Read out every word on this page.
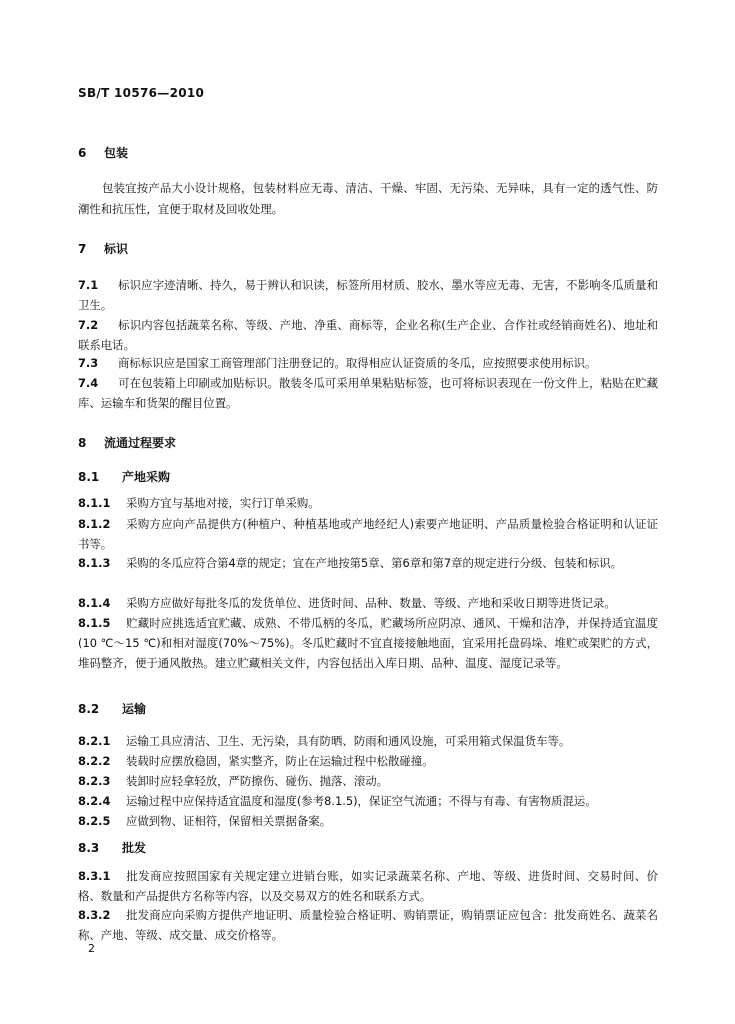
SB/T 10576—2010
6 包装
包装宜按产品大小设计规格，包装材料应无毒、清洁、干燥、牢固、无污染、无异味，具有一定的透气性、防潮性和抗压性，宜便于取材及回收处理。
7 标识
7.1 标识应字迹清晰、持久，易于辨认和识读，标签所用材质、胶水、墨水等应无毒、无害，不影响冬瓜质量和卫生。
7.2 标识内容包括蔬菜名称、等级、产地、净重、商标等，企业名称(生产企业、合作社或经销商姓名)、地址和联系电话。
7.3 商标标识应是国家工商管理部门注册登记的。取得相应认证资质的冬瓜，应按照要求使用标识。
7.4 可在包装箱上印刷或加贴标识。散装冬瓜可采用单果粘贴标签，也可将标识表现在一份文件上，粘贴在贮藏库、运输车和货架的醒目位置。
8 流通过程要求
8.1 产地采购
8.1.1 采购方宜与基地对接，实行订单采购。
8.1.2 采购方应向产品提供方(种植户、种植基地或产地经纪人)索要产地证明、产品质量检验合格证明和认证证书等。
8.1.3 采购的冬瓜应符合第4章的规定；宜在产地按第5章、第6章和第7章的规定进行分级、包装和标识。
8.1.4 采购方应做好每批冬瓜的发货单位、进货时间、品种、数量、等级、产地和采收日期等进货记录。
8.1.5 贮藏时应挑选适宜贮藏、成熟、不带瓜柄的冬瓜，贮藏场所应阴凉、通风、干燥和洁净，并保持适宜温度(10 ℃～15 ℃)和相对湿度(70%～75%)。冬瓜贮藏时不宜直接接触地面，宜采用托盘码垛、堆贮或架贮的方式，堆码整齐，便于通风散热。建立贮藏相关文件，内容包括出入库日期、品种、温度、湿度记录等。
8.2 运输
8.2.1 运输工具应清洁、卫生、无污染，具有防晒、防雨和通风设施，可采用箱式保温货车等。
8.2.2 装载时应摆放稳固，紧实整齐，防止在运输过程中松散碰撞。
8.2.3 装卸时应轻拿轻放，严防擦伤、碰伤、抛落、滚动。
8.2.4 运输过程中应保持适宜温度和湿度(参考8.1.5)，保证空气流通；不得与有毒、有害物质混运。
8.2.5 应做到物、证相符，保留相关票据备案。
8.3 批发
8.3.1 批发商应按照国家有关规定建立进销台账，如实记录蔬菜名称、产地、等级、进货时间、交易时间、价格、数量和产品提供方名称等内容，以及交易双方的姓名和联系方式。
8.3.2 批发商应向采购方提供产地证明、质量检验合格证明、购销票证，购销票证应包含：批发商姓名、蔬菜名称、产地、等级、成交量、成交价格等。
2
